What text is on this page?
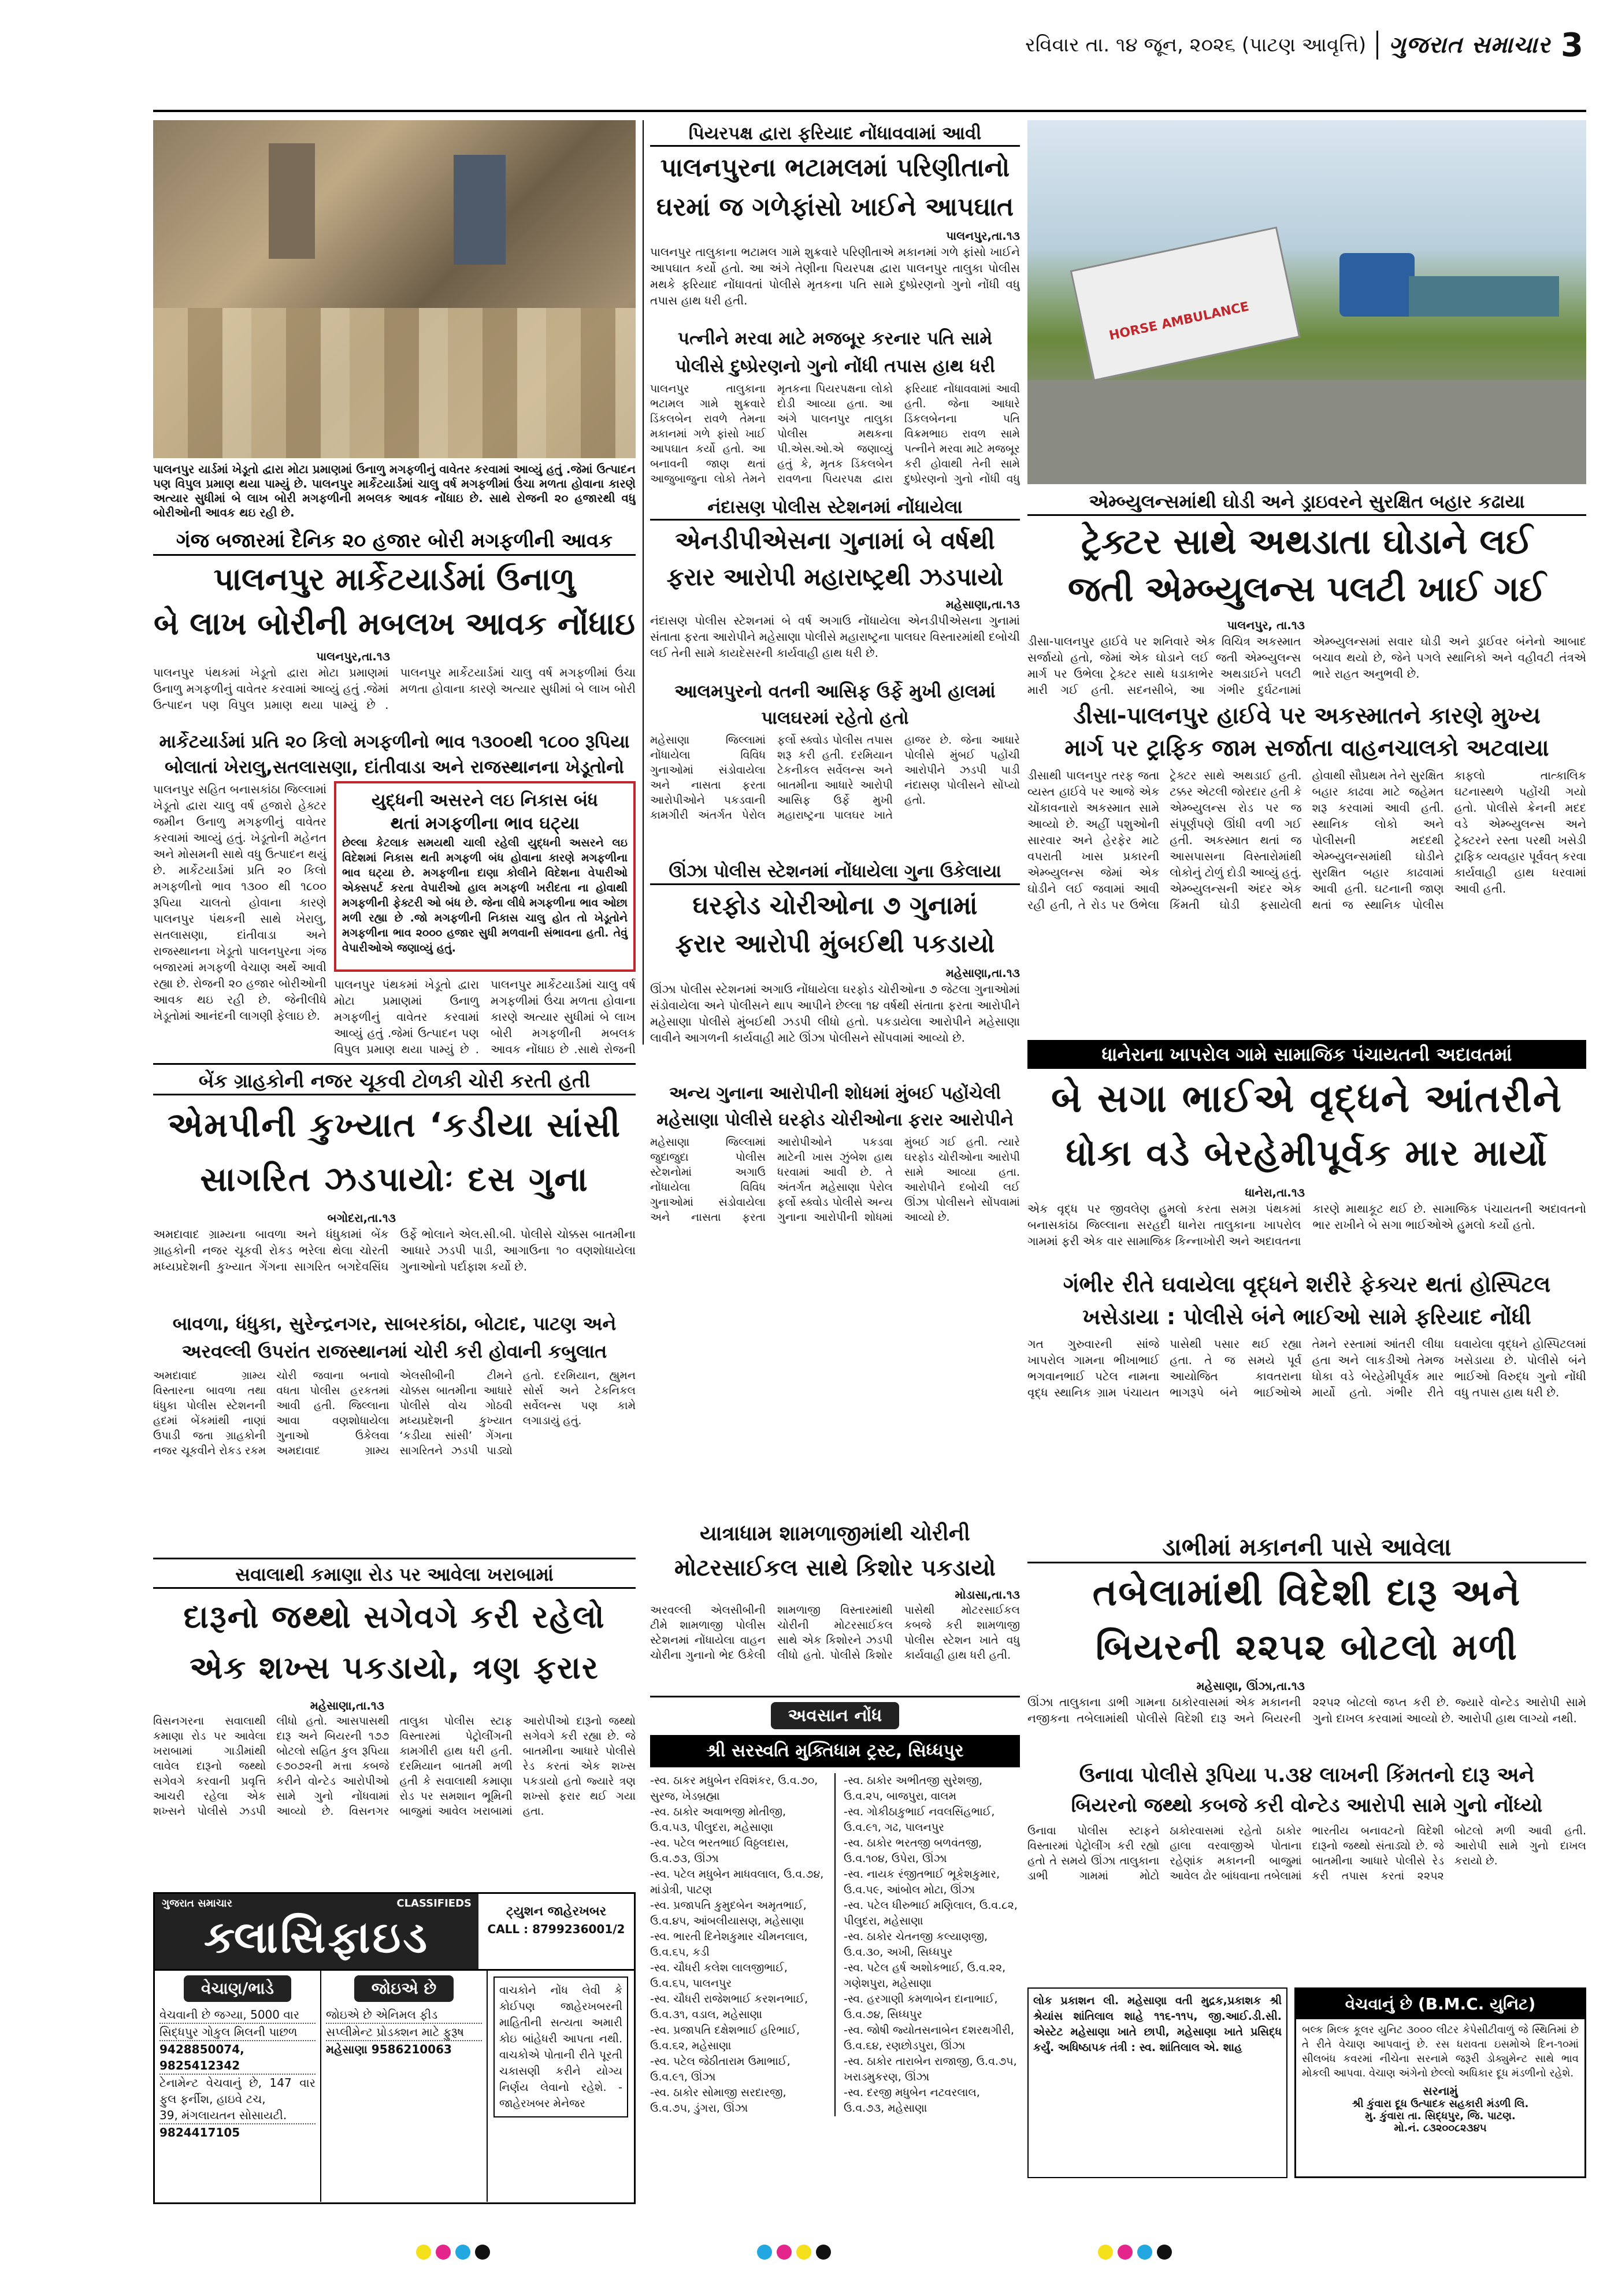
રવિવાર તા. ૧૪ જૂન, ૨૦૨૬ (પાટણ આવૃત્તિ) ગુજરાત સમાચાર 3
પાલનપુર યાર્ડમાં ખેડૂતો દ્વારા મોટા પ્રમાણમાં ઉનાળુ મગફળીનું વાવેતર કરવામાં આવ્યું હતું .જેમાં ઉત્પાદન પણ વિપુલ પ્રમાણ થયા પામ્યું છે. પાલનપુર માર્કેટયાર્ડમાં ચાલુ વર્ષ મગફળીમાં ઉંચા મળતા હોવાના કારણે અત્યાર સુધીમાં બે લાખ બોરી મગફળીની મબલક આવક નોંધાઇ છે. સાથે રોજની ૨૦ હજારથી વધુ બોરીઓની આવક થઇ રહી છે.
ગંજ બજારમાં દૈનિક ૨૦ હજાર બોરી મગફળીની આવક
પાલનપુર માર્કેટયાર્ડમાં ઉનાળુ
બે લાખ બોરીની મબલખ આવક નોંધાઇ
પાલનપુર,તા.૧૩
પાલનપુર પંથકમાં ખેડૂતો દ્વારા મોટા પ્રમાણમાં ઉનાળુ મગફળીનું વાવેતર કરવામાં આવ્યું હતું .જેમાં ઉત્પાદન પણ વિપુલ પ્રમાણ થયા પામ્યું છે . પાલનપુર માર્કેટયાર્ડમાં ચાલુ વર્ષ મગફળીમાં ઉંચા મળતા હોવાના કારણે અત્યાર સુધીમાં બે લાખ બોરી
માર્કેટયાર્ડમાં પ્રતિ ૨૦ કિલો મગફળીનો ભાવ ૧૩૦૦થી ૧૮૦૦ રૂપિયા
બોલાતાં ખેરાલુ,સતલાસણા, દાંતીવાડા અને રાજસ્થાનના ખેડૂતોનો
પાલનપુર સહિત બનાસકાંઠા જિલ્લામાં ખેડૂતો દ્વારા ચાલુ વર્ષ હજારો હેક્ટર જમીન ઉનાળુ મગફળીનું વાવેતર કરવામાં આવ્યું હતું. ખેડૂતોની મહેનત અને મોસમની સાથે વધુ ઉત્પાદન થયું છે. માર્કેટયાર્ડમાં પ્રતિ ૨૦ કિલો મગફળીનો ભાવ ૧૩૦૦ થી ૧૮૦૦ રૂપિયા ચાલતો હોવાના કારણે પાલનપુર પંથકની સાથે ખેરાલુ, સતલાસણા, દાંતીવાડા અને રાજસ્થાનના ખેડૂતો પાલનપુરના ગંજ બજારમાં મગફળી વેચાણ અર્થે આવી રહ્યા છે. રોજની ૨૦ હજાર બોરીઓની આવક થઇ રહી છે. જેનીલીધે ખેડૂતોમાં આનંદની લાગણી ફેલાઇ છે.
યુદ્ધની અસરને લઇ નિકાસ બંધ
થતાં મગફળીના ભાવ ઘટ્યા
છેલ્લા કેટલાક સમયથી ચાલી રહેલી યુદ્ધની અસરને લઇ વિદેશમાં નિકાસ થતી મગફળી બંધ હોવાના કારણે મગફળીના ભાવ ઘટ્યા છે. મગફળીના દાણા કોલીને વિદેશના વેપારીઓ એક્સપર્ટ કરતા વેપારીઓ હાલ મગફળી ખરીદતા ના હોવાથી મગફળીની ફેક્ટરી ઓ બંધ છે. જેના લીધે મગફળીના ભાવ ઓછા મળી રહ્યા છે .જો મગફળીની નિકાસ ચાલુ હોત તો ખેડૂતોને મગફળીના ભાવ ૨૦૦૦ હજાર સુધી મળવાની સંભાવના હતી. તેવું વેપારીઓએ જણાવ્યું હતું.
પાલનપુર પંથકમાં ખેડૂતો દ્વારા મોટા પ્રમાણમાં ઉનાળુ મગફળીનું વાવેતર કરવામાં આવ્યું હતું .જેમાં ઉત્પાદન પણ વિપુલ પ્રમાણ થયા પામ્યું છે . પાલનપુર માર્કેટયાર્ડમાં ચાલુ વર્ષ મગફળીમાં ઉંચા મળતા હોવાના કારણે અત્યાર સુધીમાં બે લાખ બોરી મગફળીની મબલક આવક નોંધાઇ છે .સાથે રોજની
પિયરપક્ષ દ્વારા ફરિયાદ નોંધાવવામાં આવી
પાલનપુરના ભટામલમાં પરિણીતાનો
ઘરમાં જ ગળેફાંસો ખાઈને આપઘાત
પાલનપુર,તા.૧૩
પાલનપુર તાલુકાના ભટામલ ગામે શુક્રવારે પરિણીતાએ મકાનમાં ગળે ફાંસો ખાઈને આપઘાત કર્યો હતો. આ અંગે તેણીના પિયરપક્ષ દ્વારા પાલનપુર તાલુકા પોલીસ મથકે ફરિયાદ નોંધાવતાં પોલીસે મૃતકના પતિ સામે દુષ્પ્રેરણનો ગુનો નોંધી વધુ તપાસ હાથ ધરી હતી.
પત્નીને મરવા માટે મજબૂર કરનાર પતિ સામે પોલીસે દુષ્પ્રેરણનો ગુનો નોંધી તપાસ હાથ ધરી
પાલનપુર તાલુકાના ભટામલ ગામે શુક્રવારે ડિંકલબેન રાવળે તેમના મકાનમાં ગળે ફાંસો ખાઈ આપઘાત કર્યો હતો. આ બનાવની જાણ થતાં આજુબાજુના લોકો તેમને મૃતકના પિયરપક્ષના લોકો દોડી આવ્યા હતા. આ અંગે પાલનપુર તાલુકા પોલીસ મથકના પી.એસ.ઓ.એ જણાવ્યું હતું કે, મૃતક ડિંકલબેન રાવળના પિયરપક્ષ દ્વારા ફરિયાદ નોંધાવવામાં આવી હતી. જેના આધારે ડિંકલબેનના પતિ વિક્રમભાઇ રાવળ સામે પત્નીને મરવા માટે મજબૂર કરી હોવાથી તેની સામે દુષ્પ્રેરણનો ગુનો નોંધી વધુ
HORSE AMBULANCE
એમ્બ્યુલન્સમાંથી ઘોડી અને ડ્રાઇવરને સુરક્ષિત બહાર કઢાયા
ટ્રેક્ટર સાથે અથડાતા ઘોડાને લઈ
જતી એમ્બ્યુલન્સ પલટી ખાઈ ગઈ
પાલનપુર, તા.૧૩
ડીસા-પાલનપુર હાઈવે પર શનિવારે એક વિચિત્ર અકસ્માત સર્જાયો હતો, જેમાં એક ઘોડાને લઈ જતી એમ્બ્યુલન્સ માર્ગ પર ઉભેલા ટ્રેક્ટર સાથે ધડાકાભેર અથડાઈને પલટી મારી ગઈ હતી. સદનસીબે, આ ગંભીર દુર્ઘટનામાં એમ્બ્યુલન્સમાં સવાર ઘોડી અને ડ્રાઈવર બંનેનો આબાદ બચાવ થયો છે, જેને પગલે સ્થાનિકો અને વહીવટી તંત્રએ ભારે રાહત અનુભવી છે.
ડીસા-પાલનપુર હાઈવે પર અકસ્માતને કારણે મુખ્ય
માર્ગ પર ટ્રાફિક જામ સર્જાતા વાહનચાલકો અટવાયા
ડીસાથી પાલનપુર તરફ જતા વ્યસ્ત હાઈવે પર આજે એક ચોંકાવનારો અકસ્માત સામે આવ્યો છે. અહીં પશુઓની સારવાર અને હેરફેર માટે વપરાતી ખાસ પ્રકારની એમ્બ્યુલન્સ જેમાં એક ઘોડીને લઈ જવામાં આવી રહી હતી, તે રોડ પર ઉભેલા ટ્રેક્ટર સાથે અથડાઈ હતી. ટક્કર એટલી જોરદાર હતી કે એમ્બ્યુલન્સ રોડ પર જ સંપૂર્ણપણે ઊંધી વળી ગઈ હતી. અકસ્માત થતાં જ આસપાસના વિસ્તારોમાંથી લોકોનું ટોળું દોડી આવ્યું હતું. એમ્બ્યુલન્સની અંદર એક કિંમતી ઘોડી ફસાયેલી હોવાથી સૌપ્રથમ તેને સુરક્ષિત બહાર કાઢવા માટે જહેમત શરૂ કરવામાં આવી હતી. સ્થાનિક લોકો અને પોલીસની મદદથી એમ્બ્યુલન્સમાંથી ઘોડીને સુરક્ષિત બહાર કાઢવામાં આવી હતી. ઘટનાની જાણ થતાં જ સ્થાનિક પોલીસ કાફલો તાત્કાલિક ઘટનાસ્થળે પહોંચી ગયો હતો. પોલીસે ક્રેનની મદદ વડે એમ્બ્યુલન્સ અને ટ્રેક્ટરને રસ્તા પરથી ખસેડી ટ્રાફિક વ્યવહાર પૂર્વવત્ કરવા કાર્યવાહી હાથ ધરવામાં આવી હતી.
નંદાસણ પોલીસ સ્ટેશનમાં નોંધાયેલા
એનડીપીએસના ગુનામાં બે વર્ષથી
ફરાર આરોપી મહારાષ્ટ્રથી ઝડપાયો
મહેસાણા,તા.૧૩
નંદાસણ પોલીસ સ્ટેશનમાં બે વર્ષ અગાઉ નોંધાયેલા એનડીપીએસના ગુનામાં સંતાતા ફરતા આરોપીને મહેસાણા પોલીસે મહારાષ્ટ્રના પાલઘર વિસ્તારમાંથી દબોચી લઈ તેની સામે કાયદેસરની કાર્યવાહી હાથ ધરી છે.
આલમપુરનો વતની આસિફ ઉર્ફે મુખી હાલમાં પાલઘરમાં રહેતો હતો
મહેસાણા જિલ્લામાં નોંધાયેલા વિવિધ ગુનાઓમાં સંડોવાયેલા અને નાસતા ફરતા આરોપીઓને પકડવાની કામગીરી અંતર્ગત પેરોલ ફર્લો સ્ક્વોડ પોલીસ તપાસ શરૂ કરી હતી. દરમિયાન ટેકનીકલ સર્વેલન્સ અને બાતમીના આધારે આરોપી આસિફ ઉર્ફે મુખી મહારાષ્ટ્રના પાલઘર ખાતે હાજર છે. જેના આધારે પોલીસે મુંબઈ પહોંચી આરોપીને ઝડપી પાડી નંદાસણ પોલીસને સોંપ્યો હતો.
ઊંઝા પોલીસ સ્ટેશનમાં નોંધાયેલા ગુના ઉકેલાયા
ઘરફોડ ચોરીઓના ૭ ગુનામાં
ફરાર આરોપી મુંબઈથી પકડાયો
મહેસાણા,તા.૧૩
ઊંઝા પોલીસ સ્ટેશનમાં અગાઉ નોંધાયેલા ઘરફોડ ચોરીઓના ૭ જેટલા ગુનાઓમાં સંડોવાયેલા અને પોલીસને થાપ આપીને છેલ્લા ૧૪ વર્ષથી સંતાતા ફરતા આરોપીને મહેસાણા પોલીસે મુંબઈથી ઝડપી લીધો હતો. પકડાયેલા આરોપીને મહેસાણા લાવીને આગળની કાર્યવાહી માટે ઊંઝા પોલીસને સોંપવામાં આવ્યો છે.
અન્ય ગુનાના આરોપીની શોધમાં મુંબઈ પહોંચેલી મહેસાણા પોલીસે ઘરફોડ ચોરીઓના ફરાર આરોપીને
મહેસાણા જિલ્લામાં જુદાજુદા પોલીસ સ્ટેશનોમાં અગાઉ નોંધાયેલા વિવિધ ગુનાઓમાં સંડોવાયેલા અને નાસતા ફરતા આરોપીઓને પકડવા માટેની ખાસ ઝુંબેશ હાથ ધરવામાં આવી છે. તે અંતર્ગત મહેસાણા પેરોલ ફર્લો સ્ક્વોડ પોલીસે અન્ય ગુનાના આરોપીની શોધમાં મુંબઈ ગઈ હતી. ત્યારે ઘરફોડ ચોરીઓના આરોપી સામે આવ્યા હતા. આરોપીને દબોચી લઈ ઊંઝા પોલીસને સોંપવામાં આવ્યો છે.
બેંક ગ્રાહકોની નજર ચૂકવી ટોળકી ચોરી કરતી હતી
એમપીની કુખ્યાત ‘કડીયા સાંસી
સાગરિત ઝડપાયોઃ દસ ગુના
બગોદરા,તા.૧૩
અમદાવાદ ગ્રામ્યના બાવળા અને ધંધુકામાં બેંક ગ્રાહકોની નજર ચૂકવી રોકડ ભરેલા થેલા ચોરતી મધ્યપ્રદેશની કુખ્યાત ગેંગના સાગરિત બગદેવસિંઘ ઉર્ફે ભોલાને એલ.સી.બી. પોલીસે ચોક્કસ બાતમીના આધારે ઝડપી પાડી, આગાઉના ૧૦ વણશોધાયેલા ગુનાઓનો પર્દાફાશ કર્યો છે.
બાવળા, ધંધુકા, સુરેન્દ્રનગર, સાબરકાંઠા, બોટાદ, પાટણ અને
અરવલ્લી ઉપરાંત રાજસ્થાનમાં ચોરી કરી હોવાની કબુલાત
અમદાવાદ ગ્રામ્ય વિસ્તારના બાવળા તથા ધંધુકા પોલીસ સ્ટેશનની હદમાં બેંકમાંથી નાણાં ઉપાડી જતા ગ્રાહકોની નજર ચૂકવીને રોકડ રકમ ચોરી જવાના બનાવો વધતા પોલીસ હરકતમાં આવી હતી. જિલ્લાના આવા વણશોધાયેલા ગુનાઓ ઉકેલવા અમદાવાદ ગ્રામ્ય એલસીબીની ટીમને ચોક્કસ બાતમીના આધારે પોલીસે વોચ ગોઠવી મધ્યપ્રદેશની કુખ્યાત ‘કડીયા સાંસી’ ગેંગના સાગરિતને ઝડપી પાડ્યો હતો. દરમિયાન, હ્યુમન સોર્સ અને ટેકનિકલ સર્વેલન્સ પણ કામે લગાડાયું હતું.
ધાનેરાના ખાપરોલ ગામે સામાજિક પંચાયતની અદાવતમાં
બે સગા ભાઈએ વૃદ્ધને આંતરીને
ધોકા વડે બેરહેમીપૂર્વક માર માર્યો
ધાનેરા,તા.૧૩
એક વૃદ્ધ પર જીવલેણ હુમલો કરતા સમગ્ર પંથકમાં બનાસકાંઠા જિલ્લાના સરહદી ધાનેરા તાલુકાના ખાપરોલ ગામમાં ફરી એક વાર સામાજિક કિન્નાખોરી અને અદાવતના કારણે માથાકૂટ થઈ છે. સામાજિક પંચાયતની અદાવતનો ભાર રાખીને બે સગા ભાઈઓએ હુમલો કર્યો હતો.
ગંભીર રીતે ઘવાયેલા વૃદ્ધને શરીરે ફેક્ચર થતાં હોસ્પિટલ
ખસેડાયા : પોલીસે બંને ભાઈઓ સામે ફરિયાદ નોંધી
ગત ગુરુવારની સાંજે ખાપરોલ ગામના ભીખાભાઈ ભગવાનભાઈ પટેલ નામના વૃદ્ધ સ્થાનિક ગ્રામ પંચાયત પાસેથી પસાર થઈ રહ્યા હતા. તે જ સમયે પૂર્વ આયોજિત કાવતરાના ભાગરૂપે બંને ભાઈઓએ તેમને રસ્તામાં આંતરી લીધા હતા અને લાકડીઓ તેમજ ધોકા વડે બેરહેમીપૂર્વક માર માર્યો હતો. ગંભીર રીતે ઘવાયેલા વૃદ્ધને હોસ્પિટલમાં ખસેડાયા છે. પોલીસે બંને ભાઈઓ વિરુદ્ધ ગુનો નોંધી વધુ તપાસ હાથ ધરી છે.
યાત્રાધામ શામળાજીમાંથી ચોરીની
મોટરસાઈકલ સાથે કિશોર પકડાયો
મોડાસા,તા.૧૩
અરવલ્લી એલસીબીની ટીમે શામળાજી પોલીસ સ્ટેશનમાં નોંધાયેલા વાહન ચોરીના ગુનાનો ભેદ ઉકેલી શામળાજી વિસ્તારમાંથી ચોરીની મોટરસાઈકલ સાથે એક કિશોરને ઝડપી લીધો હતો. પોલીસે કિશોર પાસેથી મોટરસાઈકલ કબજે કરી શામળાજી પોલીસ સ્ટેશન ખાતે વધુ કાર્યવાહી હાથ ધરી હતી.
સવાલાથી કમાણા રોડ પર આવેલા ખરાબામાં
દારૂનો જથ્થો સગેવગે કરી રહેલો
એક શખ્સ પકડાયો, ત્રણ ફરાર
મહેસાણા,તા.૧૩
વિસનગરના સવાલાથી કમાણા રોડ પર આવેલા ખરાબામાં ગાડીમાંથી લાવેલ દારૂનો જથ્થો સગેવગે કરવાની પ્રવૃત્તિ આચરી રહેલા એક શખ્સને પોલીસે ઝડપી લીધો હતો. આસપાસથી દારૂ અને બિયરની ૧૭૭ બોટલો સહિત કુલ રૂપિયા ૯૭૦૭૨ની મત્તા કબજે કરીને વોન્ટેડ આરોપીઓ સામે ગુનો નોંધવામાં આવ્યો છે. વિસનગર તાલુકા પોલીસ સ્ટાફ વિસ્તારમાં પેટ્રોલીંગની કામગીરી હાથ ધરી હતી. દરમિયાન બાતમી મળી હતી કે સવાલાથી કમાણા રોડ પર સમશાન ભૂમિની બાજુમાં આવેલ ખરાબામાં આરોપીઓ દારૂનો જથ્થો સગેવગે કરી રહ્યા છે. જે બાતમીના આધારે પોલીસે રેડ કરતાં એક શખ્સ પકડાયો હતો જ્યારે ત્રણ શખ્સો ફરાર થઈ ગયા હતા.
ડાભીમાં મકાનની પાસે આવેલા
તબેલામાંથી વિદેશી દારૂ અને
બિયરની ૨૨૫૨ બોટલો મળી
મહેસાણા, ઊંઝા,તા.૧૩
ઊંઝા તાલુકાના ડાભી ગામના ઠાકોરવાસમાં એક મકાનની નજીકના તબેલામાંથી પોલીસે વિદેશી દારૂ અને બિયરની ૨૨૫૨ બોટલો જપ્ત કરી છે. જ્યારે વોન્ટેડ આરોપી સામે ગુનો દાખલ કરવામાં આવ્યો છે. આરોપી હાથ લાગ્યો નથી.
ઉનાવા પોલીસે રૂપિયા ૫.૩૪ લાખની કિંમતનો દારૂ અને
બિયરનો જથ્થો કબજે કરી વોન્ટેડ આરોપી સામે ગુનો નોંધ્યો
ઉનાવા પોલીસ સ્ટાફને વિસ્તારમાં પેટ્રોલીંગ કરી રહ્યો હતો તે સમયે ઊંઝા તાલુકાના ડાભી ગામમાં મોટો ઠાકોરવાસમાં રહેતો ઠાકોર હાલા વરવાજીએ પોતાના રહેણાંક મકાનની બાજુમાં આવેલ ઢોર બાંધવાના તબેલામાં ભારતીય બનાવટનો વિદેશી દારૂનો જથ્થો સંતાડ્યો છે. જે બાતમીના આધારે પોલીસે રેડ કરી તપાસ કરતાં ૨૨૫૨ બોટલો મળી આવી હતી. આરોપી સામે ગુનો દાખલ કરાયો છે.
અવસાન નોંધ
શ્રી સરસ્વતિ મુક્તિધામ ટ્રસ્ટ, સિધ્ધપુર
-સ્વ. ઠાકર મધુબેન રવિશંકર, ઉ.વ.૭૦, સુરજ, ખેડબ્રહ્મા
-સ્વ. ઠાકોર અવાભજી મોતીજી, ઉ.વ.૫૩, પીલુદરા, મહેસાણા
-સ્વ. પટેલ ભરતભાઈ વિઠ્ઠલદાસ, ઉ.વ.૭૩, ઊંઝા
-સ્વ. પટેલ મધુબેન માધવલાલ, ઉ.વ.૭૪, માંડોત્રી, પાટણ
-સ્વ. પ્રજાપતિ કુમુદબેન અમૃતભાઈ, ઉ.વ.૪૫, આંબલીયાસણ, મહેસાણા
-સ્વ. ભારતી દિનેશકુમાર ચીમનલાલ, ઉ.વ.૬૫, કડી
-સ્વ. ચૌધરી કલેશ લાલજીભાઈ, ઉ.વ.૬૫, પાલનપુર
-સ્વ. ચૌધરી રાજેશભાઈ કરશનભાઈ, ઉ.વ.૩૧, વડાલ, મહેસાણા
-સ્વ. પ્રજાપતિ દક્ષેશભાઈ હરિભાઈ, ઉ.વ.૬૨, મહેસાણા
-સ્વ. પટેલ જેઠીતારામ ઉમાભાઈ, ઉ.વ.૯૧, ઊંઝા
-સ્વ. ઠાકોર સોમાજી સરદારજી, ઉ.વ.૭૫, ડુંગરા, ઊંઝા
-સ્વ. ઠાકોર અભીતજી સુરેશજી, ઉ.વ.૨૫, બાજપુરા, વાલમ
-સ્વ. ગોકીઠાકુભાઈ નવલસિંહભાઈ, ઉ.વ.૯૧, ગઢ, પાલનપુર
-સ્વ. ઠાકોર ભરતજી બળવંતજી, ઉ.વ.૧૦૪, ઉપેરા, ઊંઝા
-સ્વ. નાયક રંજીતભાઈ ભૂકેશકુમાર, ઉ.વ.૫૯, આંબોલ મોટા, ઊંઝા
-સ્વ. પટેલ ધીરુભાઈ મણિલાલ, ઉ.વ.૮૨, પીલુદરા, મહેસાણા
-સ્વ. ઠાકોર ચેતનજી કલ્યાણજી, ઉ.વ.૩૦, અખી, સિધ્ધપુર
-સ્વ. પટેલ હર્ષ અશોકભાઈ, ઉ.વ.૨૨, ગણેશપુરા, મહેસાણા
-સ્વ. હરગાણી કમળાબેન દાનાભાઈ, ઉ.વ.૭૪, સિધ્ધપુર
-સ્વ. જોષી જ્યોતસનાબેન દશરથગીરી, ઉ.વ.૬૪, રણછોડપુરા, ઊંઝા
-સ્વ. ઠાકોર તારાબેન રાજાજી, ઉ.વ.૭૫, ખરાડમુકરણ, ઊંઝા
-સ્વ. દરજી મધુબેન નટવરલાલ, ઉ.વ.૭૩, મહેસાણા
ગુજરાત સમાચાર	CLASSIFIEDS
ક્લાસિફાઇડ	ટ્યુશન જાહેરખબર
CALL : 8799236001/2
વેચાણ/ભાડે
વેચવાની છે જગ્યા, 5000 વાર
સિદ્ધપુર ગોકુલ મિલની પાછળ
9428850074, 9825412342
ટેનામેન્ટ વેચવાનું છે, 147 વાર ફુલ ફર્નીશ, હાઇવે ટચ,
39, મંગલાયતન સોસાયટી.
9824417105
જોઇએ છે
જોઇએ છે એનિમલ ફીડ
સપ્લીમેન્ટ પ્રોડક્શન માટે ફુરૂષ
મહેસાણા 9586210063
વાચકોને નોંધ લેવી કે કોઈપણ જાહેરખબરની માહિતીની સત્યતા અમારી કોઇ બાંહેધરી આપતા નથી. વાચકોએ પોતાની રીતે પૂરતી ચકાસણી કરીને યોગ્ય નિર્ણય લેવાનો રહેશે. - જાહેરખબર મેનેજર
લોક પ્રકાશન લી. મહેસાણા વતી મુદ્રક,પ્રકાશક શ્રી શ્રેયાંસ શાંતિલાલ શાહે ૧૧૬-૧૧૫, જી.આઈ.ડી.સી. એસ્ટેટ મહેસાણા ખાતે છાપી, મહેસાણા ખાતે પ્રસિદ્ધ કર્યું. અધિષ્ઠાપક તંત્રી : સ્વ. શાંતિલાલ એ. શાહ
વેચવાનું છે (B.M.C. યુનિટ)
બલ્ક મિલ્ક કૂલર યુનિટ ૩૦૦૦ લીટર કેપેસીટીવાળું જે સ્થિતિમાં છે તે રીતે વેચાણ આપવાનું છે. રસ ધરાવતા ઇસમોએ દિન-૧૦માં સીલબંધ કવરમાં નીચેના સરનામે જરૂરી ડોક્યુમેન્ટ સાથે ભાવ મોકલી આપવા. વેચાણ અંગેનો છેલ્લો અધિકાર દૂધ મંડળીનો રહેશે.
સરનામું
શ્રી કુંવારા દૂધ ઉત્પાદક સહકારી મંડળી લિ.
મુ. કુંવારા તા. સિદ્ધપુર, જિ. પાટણ.
મો.નં. ૮૩૨૦૦૮૨૩૪૫
